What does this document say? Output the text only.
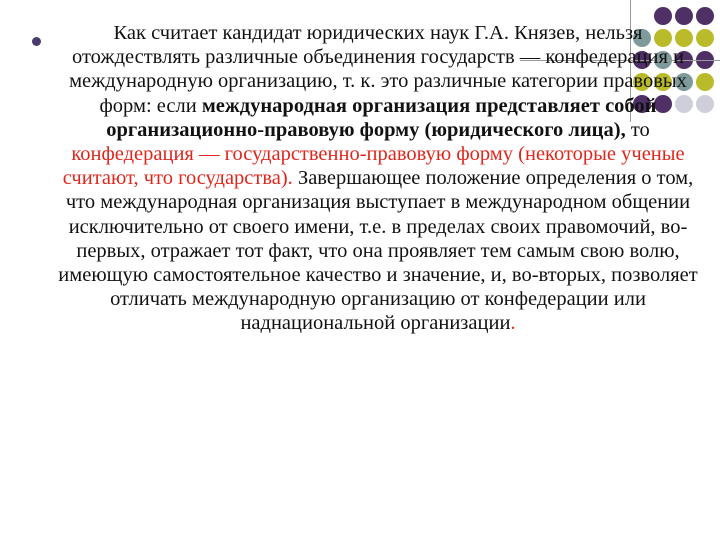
Как считает кандидат юридических наук Г.А. Князев, нельзя отождествлять различные объединения государств — конфедерация и международную организацию, т. к. это различные категории правовых форм: если международная организация представляет собой организационно-правовую форму (юридического лица), то конфедерация — государственно-правовую форму (некоторые ученые считают, что государства). Завершающее положение определения о том, что международная организация выступает в международном общении исключительно от своего имени, т.е. в пределах своих правомочий, во-первых, отражает тот факт, что она проявляет тем самым свою волю, имеющую самостоятельное качество и значение, и, во-вторых, позволяет отличать международную организацию от конфедерации или наднациональной организации.
